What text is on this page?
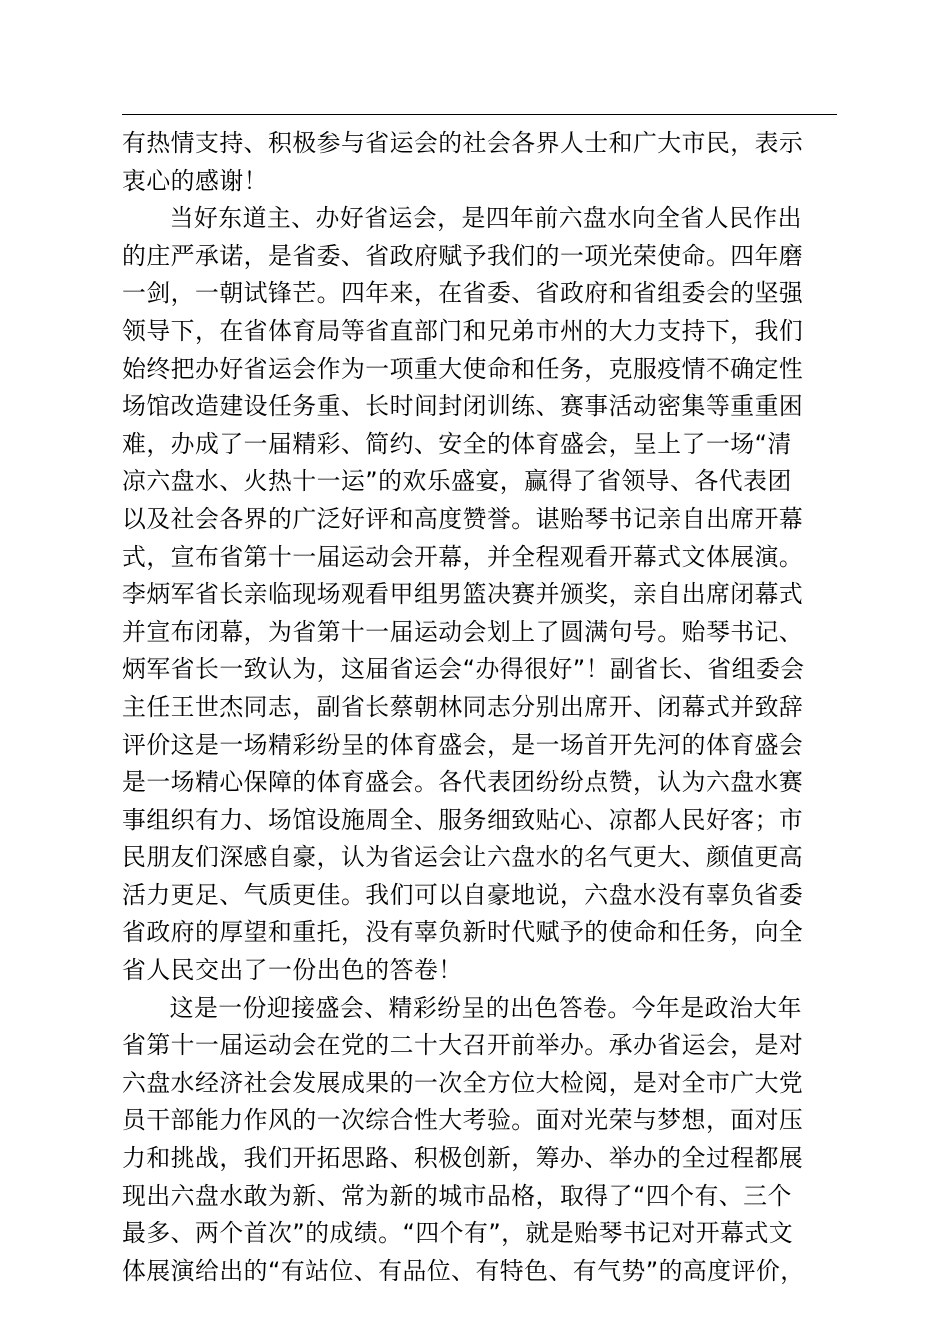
有热情支持、积极参与省运会的社会各界人士和广大市民，表示
衷心的感谢！
当好东道主、办好省运会，是四年前六盘水向全省人民作出
的庄严承诺，是省委、省政府赋予我们的一项光荣使命。四年磨
一剑，一朝试锋芒。四年来，在省委、省政府和省组委会的坚强
领导下，在省体育局等省直部门和兄弟市州的大力支持下，我们
始终把办好省运会作为一项重大使命和任务，克服疫情不确定性
场馆改造建设任务重、长时间封闭训练、赛事活动密集等重重困
难，办成了一届精彩、简约、安全的体育盛会，呈上了一场“清
凉六盘水、火热十一运”的欢乐盛宴，赢得了省领导、各代表团
以及社会各界的广泛好评和高度赞誉。谌贻琴书记亲自出席开幕
式，宣布省第十一届运动会开幕，并全程观看开幕式文体展演。
李炳军省长亲临现场观看甲组男篮决赛并颁奖，亲自出席闭幕式
并宣布闭幕，为省第十一届运动会划上了圆满句号。贻琴书记、
炳军省长一致认为，这届省运会“办得很好”！副省长、省组委会
主任王世杰同志，副省长蔡朝林同志分别出席开、闭幕式并致辞
评价这是一场精彩纷呈的体育盛会，是一场首开先河的体育盛会
是一场精心保障的体育盛会。各代表团纷纷点赞，认为六盘水赛
事组织有力、场馆设施周全、服务细致贴心、凉都人民好客；市
民朋友们深感自豪，认为省运会让六盘水的名气更大、颜值更高
活力更足、气质更佳。我们可以自豪地说，六盘水没有辜负省委
省政府的厚望和重托，没有辜负新时代赋予的使命和任务，向全
省人民交出了一份出色的答卷！
这是一份迎接盛会、精彩纷呈的出色答卷。今年是政治大年
省第十一届运动会在党的二十大召开前举办。承办省运会，是对
六盘水经济社会发展成果的一次全方位大检阅，是对全市广大党
员干部能力作风的一次综合性大考验。面对光荣与梦想，面对压
力和挑战，我们开拓思路、积极创新，筹办、举办的全过程都展
现出六盘水敢为新、常为新的城市品格，取得了“四个有、三个
最多、两个首次”的成绩。“四个有”，就是贻琴书记对开幕式文
体展演给出的“有站位、有品位、有特色、有气势”的高度评价，
